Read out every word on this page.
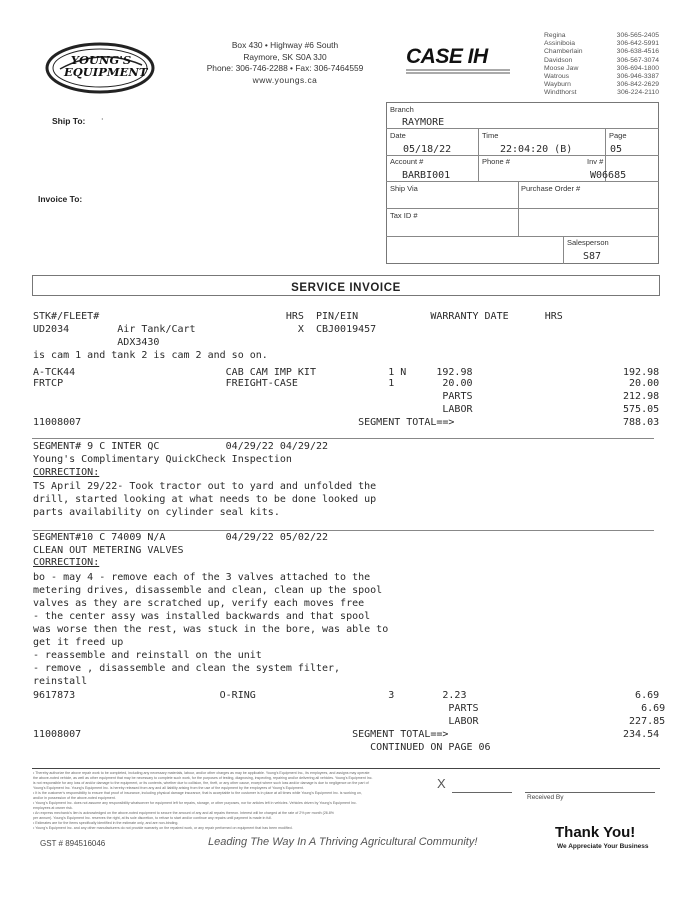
YOUNG'S EQUIPMENT
Box 430 • Highway #6 South
Raymore, SK S0A 3J0
Phone: 306-746-2288 • Fax: 306-7464559
www.youngs.ca
CASE IH
Regina	306-565-2405
Assiniboia	306-642-5991
Chamberlain	306-638-4516
Davidson	306-567-3074
Moose Jaw	306-694-1800
Watrous	306-946-3387
Wayburn	306-842-2629
Windthorst	306-224-2110
Ship To: ·
Invoice To:
Branch
RAYMORE
Date
05/18/22
Time
22:04:20 (B)
Page
05
Account #
BARBI001
Phone #	Inv #
W06685
Ship Via	Purchase Order #
Tax ID #
Salesperson
S87
SERVICE INVOICE
STK#/FLEET#                               HRS  PIN/EIN            WARRANTY DATE      HRS
UD2034        Air Tank/Cart                 X  CBJ0019457
ADX3430
is cam 1 and tank 2 is cam 2 and so on.
A-TCK44                         CAB CAM IMP KIT            1 N     192.98                         192.98
FRTCP                           FREIGHT-CASE               1        20.00                          20.00
PARTS                         212.98
LABOR                         575.05
11008007                                              SEGMENT TOTAL==>                            788.03
SEGMENT# 9 C INTER QC           04/29/22 04/29/22
Young's Complimentary QuickCheck Inspection
CORRECTION:
TS April 29/22- Took tractor out to yard and unfolded the
drill, started looking at what needs to be done looked up
parts availability on cylinder seal kits.
SEGMENT#10 C 74009 N/A          04/29/22 05/02/22
CLEAN OUT METERING VALVES
CORRECTION:
bo - may 4 - remove each of the 3 valves attached to the
metering drives, disassemble and clean, clean up the spool
valves as they are scratched up, verify each moves free
- the center assy was installed backwards and that spool
was worse then the rest, was stuck in the bore, was able to
get it freed up
- reassemble and reinstall on the unit
- remove , disassemble and clean the system filter,
reinstall
9617873                        O-RING                      3        2.23                            6.69
PARTS                           6.69
LABOR                         227.85
11008007                                             SEGMENT TOTAL==>                             234.54
CONTINUED ON PAGE 06
• Thereby authorize the above repair work to be completed, including any necessary materials, labour, and/or other charges as may be applicable. Young's Equipment Inc., its employees, and assigns may operate
the above-noted vehicle, as well as other equipment that may be necessary to complete such work, for the purposes of testing, diagnosing, inspecting, repairing and/or delivering all vehicles. Young's Equipment Inc.
is not responsible for any loss of and/or damage to the equipment, or its contents, whether due to collision, fire, theft, or any other cause, except where such loss and/or damage is due to negligence on the part of
Young's Equipment Inc. Young's Equipment Inc. is hereby released from any and all liability arising from the use of the equipment by the employees of Young's Equipment.
• It is the customer's responsibility to ensure that proof of insurance, including physical damage insurance, that is acceptable to the customer is in place at all times while Young's Equipment Inc. is working on,
and/or in possession of the above-noted equipment.
• Young's Equipment Inc. does not assume any responsibility whatsoever for equipment left for repairs, storage, or other purposes, nor for articles left in vehicles. Vehicles driven by Young's Equipment Inc.
employees at owner risk.
• An express mechanic's lien is acknowledged on the above-noted equipment to secure the amount of any and all repairs thereon. Interest will be charged at the rate of 2% per month (26.8%
per annum). Young's Equipment Inc. reserves the right, at its sole discretion, to refuse to start and/or continue any repairs until payment is made in full.
• Estimates are for the items specifically identified in the estimate only, and are non-binding.
• Young's Equipment Inc. and any other manufacturers do not provide warranty on the repaired work, or any repair performed on equipment that has been modified.
X
Received By
GST # 894516046	Leading The Way In A Thriving Agricultural Community!
Thank You!
We Appreciate Your Business
